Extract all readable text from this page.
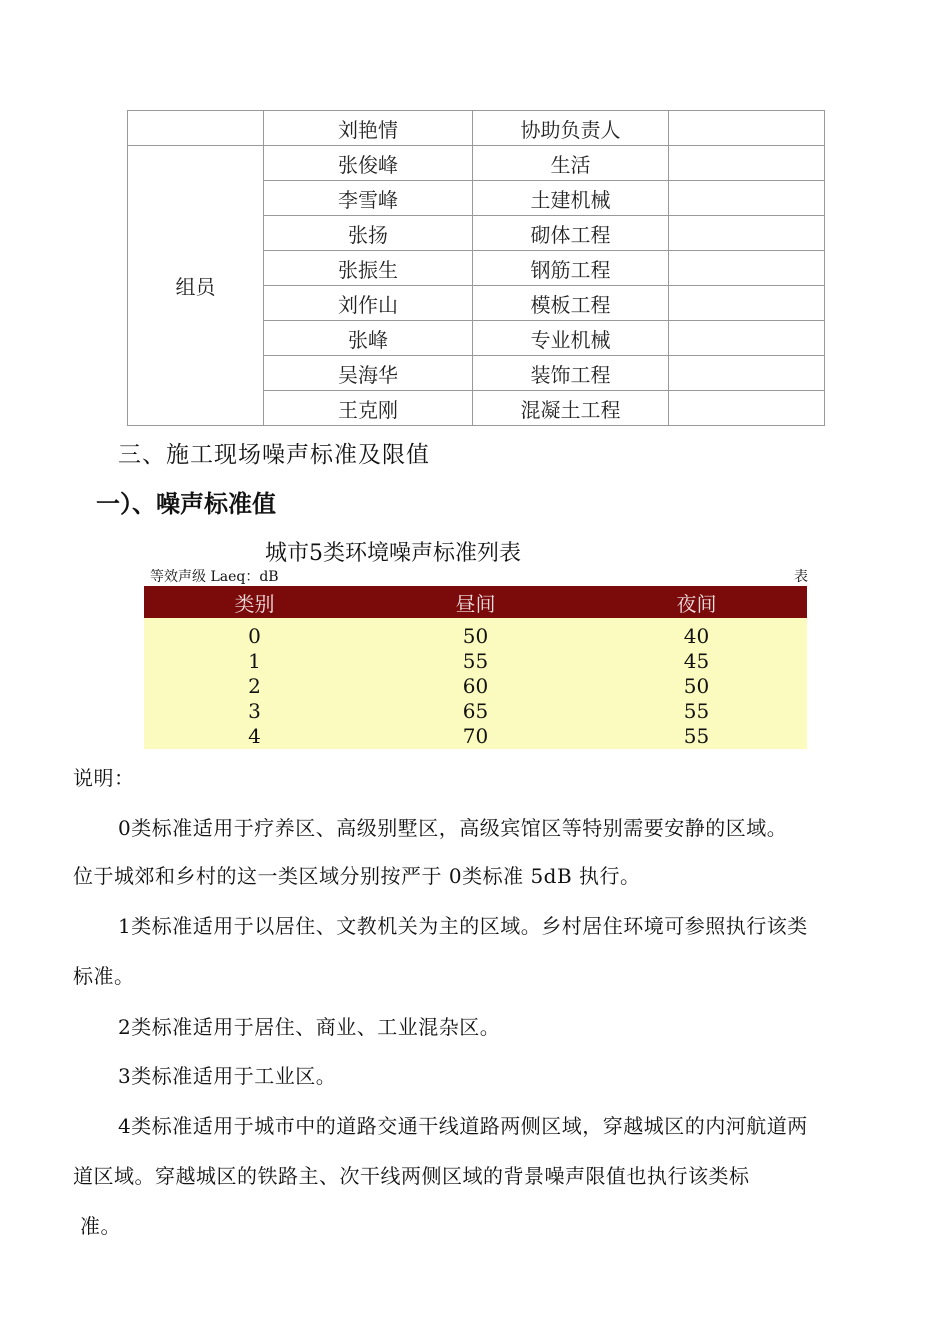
	刘艳情	协助负责人	
组员	张俊峰	生活	
	李雪峰	土建机械	
	张扬	砌体工程	
	张振生	钢筋工程	
	刘作山	模板工程	
	张峰	专业机械	
	吴海华	装饰工程	
	王克刚	混凝土工程	
三、施工现场噪声标准及限值
一）、噪声标准值
城市5类环境噪声标准列表
等效声级 Laeq：dB	表
类别	昼间	夜间
0	50	40
1	55	45
2	60	50
3	65	55
4	70	55
说明：
0类标准适用于疗养区、高级别墅区，高级宾馆区等特别需要安静的区域。
位于城郊和乡村的这一类区域分别按严于 0类标准 5dB 执行。
1类标准适用于以居住、文教机关为主的区域。乡村居住环境可参照执行该类
标准。
2类标准适用于居住、商业、工业混杂区。
3类标准适用于工业区。
4类标准适用于城市中的道路交通干线道路两侧区域，穿越城区的内河航道两
道区域。穿越城区的铁路主、次干线两侧区域的背景噪声限值也执行该类标
准。
